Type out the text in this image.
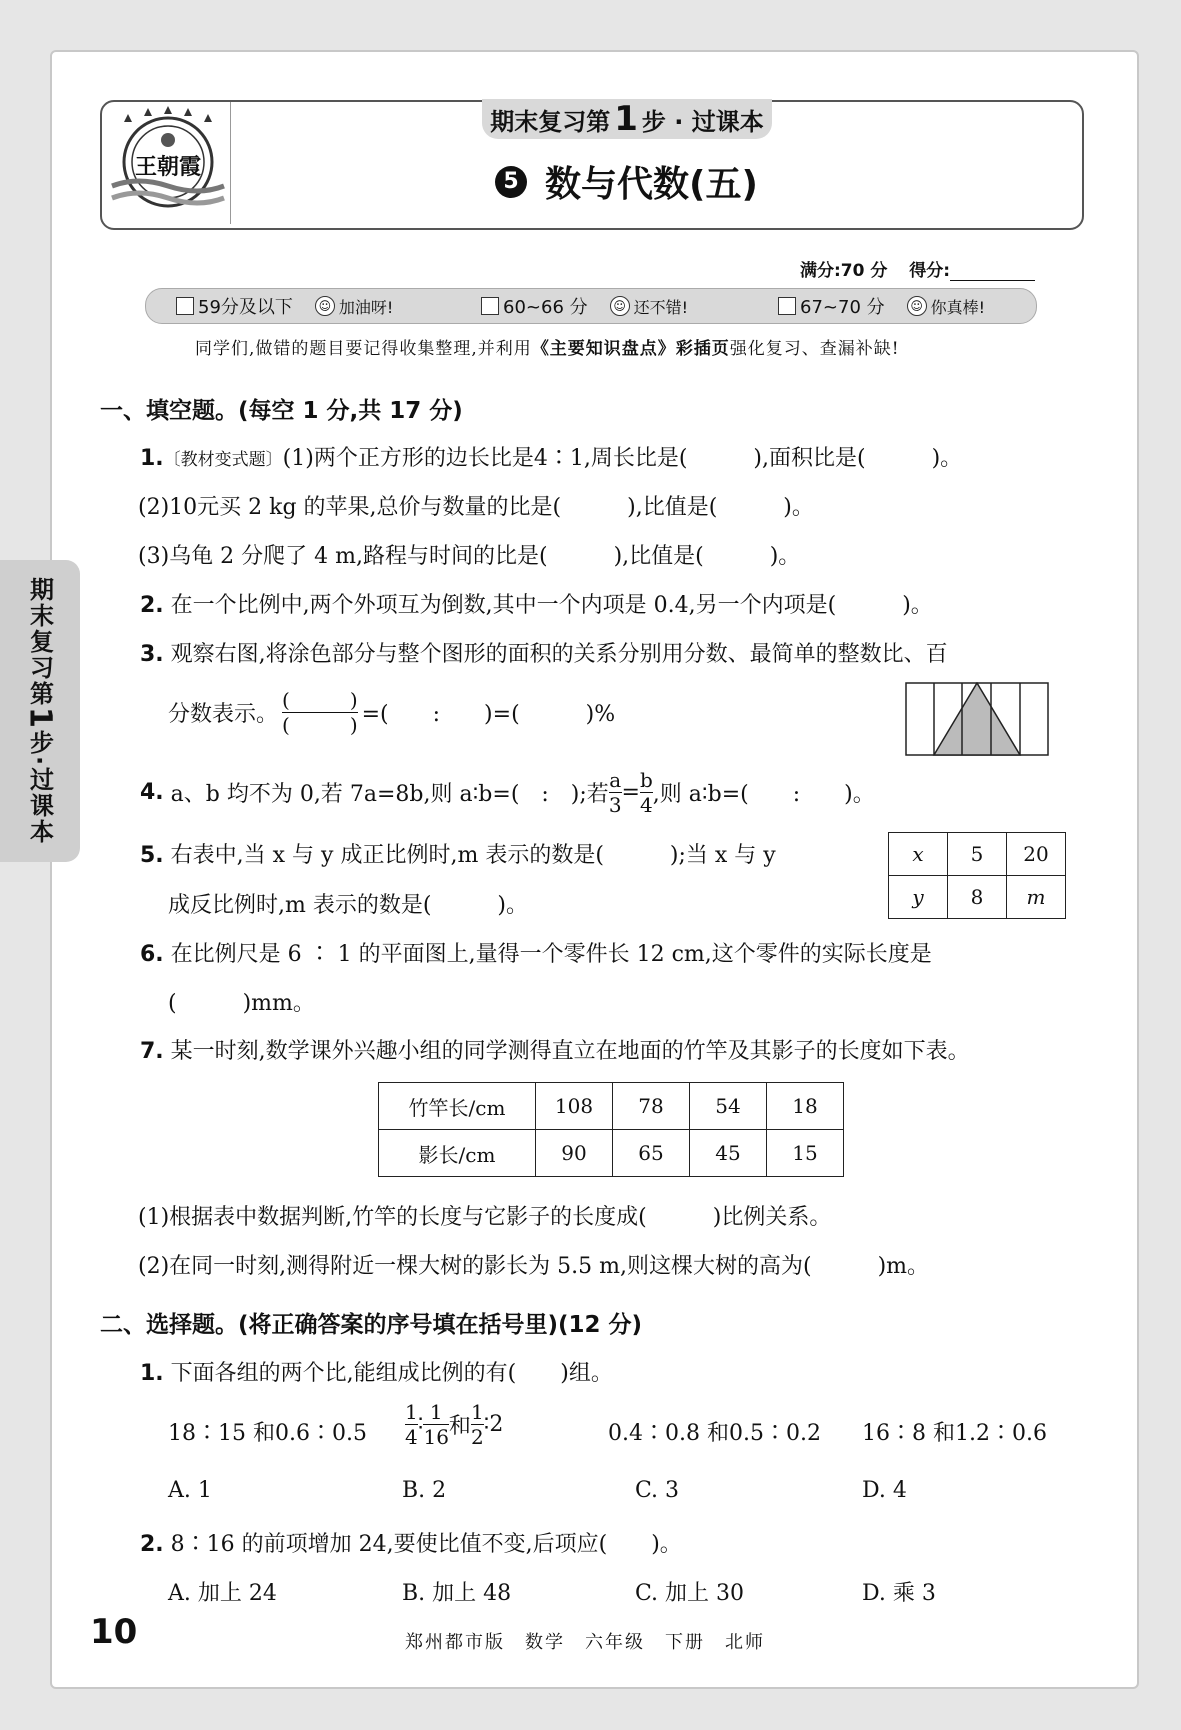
王朝霞
期末复习第 1 步 · 过课本
5 数与代数(五)
满分:70 分 得分:
59分及以下	☺ 加油呀!	60~66 分	☺ 还不错!	67~70 分	☺ 你真棒!
同学们,做错的题目要记得收集整理,并利用《主要知识盘点》彩插页强化复习、查漏补缺!
期末复习第
1
步·过课本
一、填空题。(每空 1 分,共 17 分)
1.〔教材变式题〕(1)两个正方形的边长比是4∶1,周长比是(　　　),面积比是(　　　)。
(2)10元买 2 kg 的苹果,总价与数量的比是(　　　),比值是(　　　)。
(3)乌龟 2 分爬了 4 m,路程与时间的比是(　　　),比值是(　　　)。
2. 在一个比例中,两个外项互为倒数,其中一个内项是 0.4,另一个内项是(　　　)。
3. 观察右图,将涂色部分与整个图形的面积的关系分别用分数、最简单的整数比、百
分数表示。 $\frac{( )}{( )}$ =(　　:　　)=(　　　)%
4.
a、b 均不为 0,若 7a=8b,则 a∶b=(　:　);若 $\frac{a}{3} = \frac{b}{4}$ ,则 a∶b=(　　:　　)。
5. 右表中,当 x 与 y 成正比例时,m 表示的数是(　　　);当 x 与 y
成反比例时,m 表示的数是(　　　)。
x	5	20
y	8	m
6. 在比例尺是 6 ∶ 1 的平面图上,量得一个零件长 12 cm,这个零件的实际长度是
(　　　)mm。
7. 某一时刻,数学课外兴趣小组的同学测得直立在地面的竹竿及其影子的长度如下表。
竹竿长/cm	108	78	54	18
影长/cm	90	65	45	15
(1)根据表中数据判断,竹竿的长度与它影子的长度成(　　　)比例关系。
(2)在同一时刻,测得附近一棵大树的影长为 5.5 m,则这棵大树的高为(　　　)m。
二、选择题。(将正确答案的序号填在括号里)(12 分)
1. 下面各组的两个比,能组成比例的有(　　)组。
18∶15 和0.6∶0.5 $\frac{1}{4}$ ∶ $\frac{1}{16}$ 和 $\frac{1}{2}$ ∶2	0.4∶0.8 和0.5∶0.2 16∶8 和1.2∶0.6
A. 1	B. 2	C. 3	D. 4
2. 8∶16 的前项增加 24,要使比值不变,后项应(　　)。
A. 加上 24	B. 加上 48	C. 加上 30	D. 乘 3
10	郑州都市版　数学　六年级　下册　北师
